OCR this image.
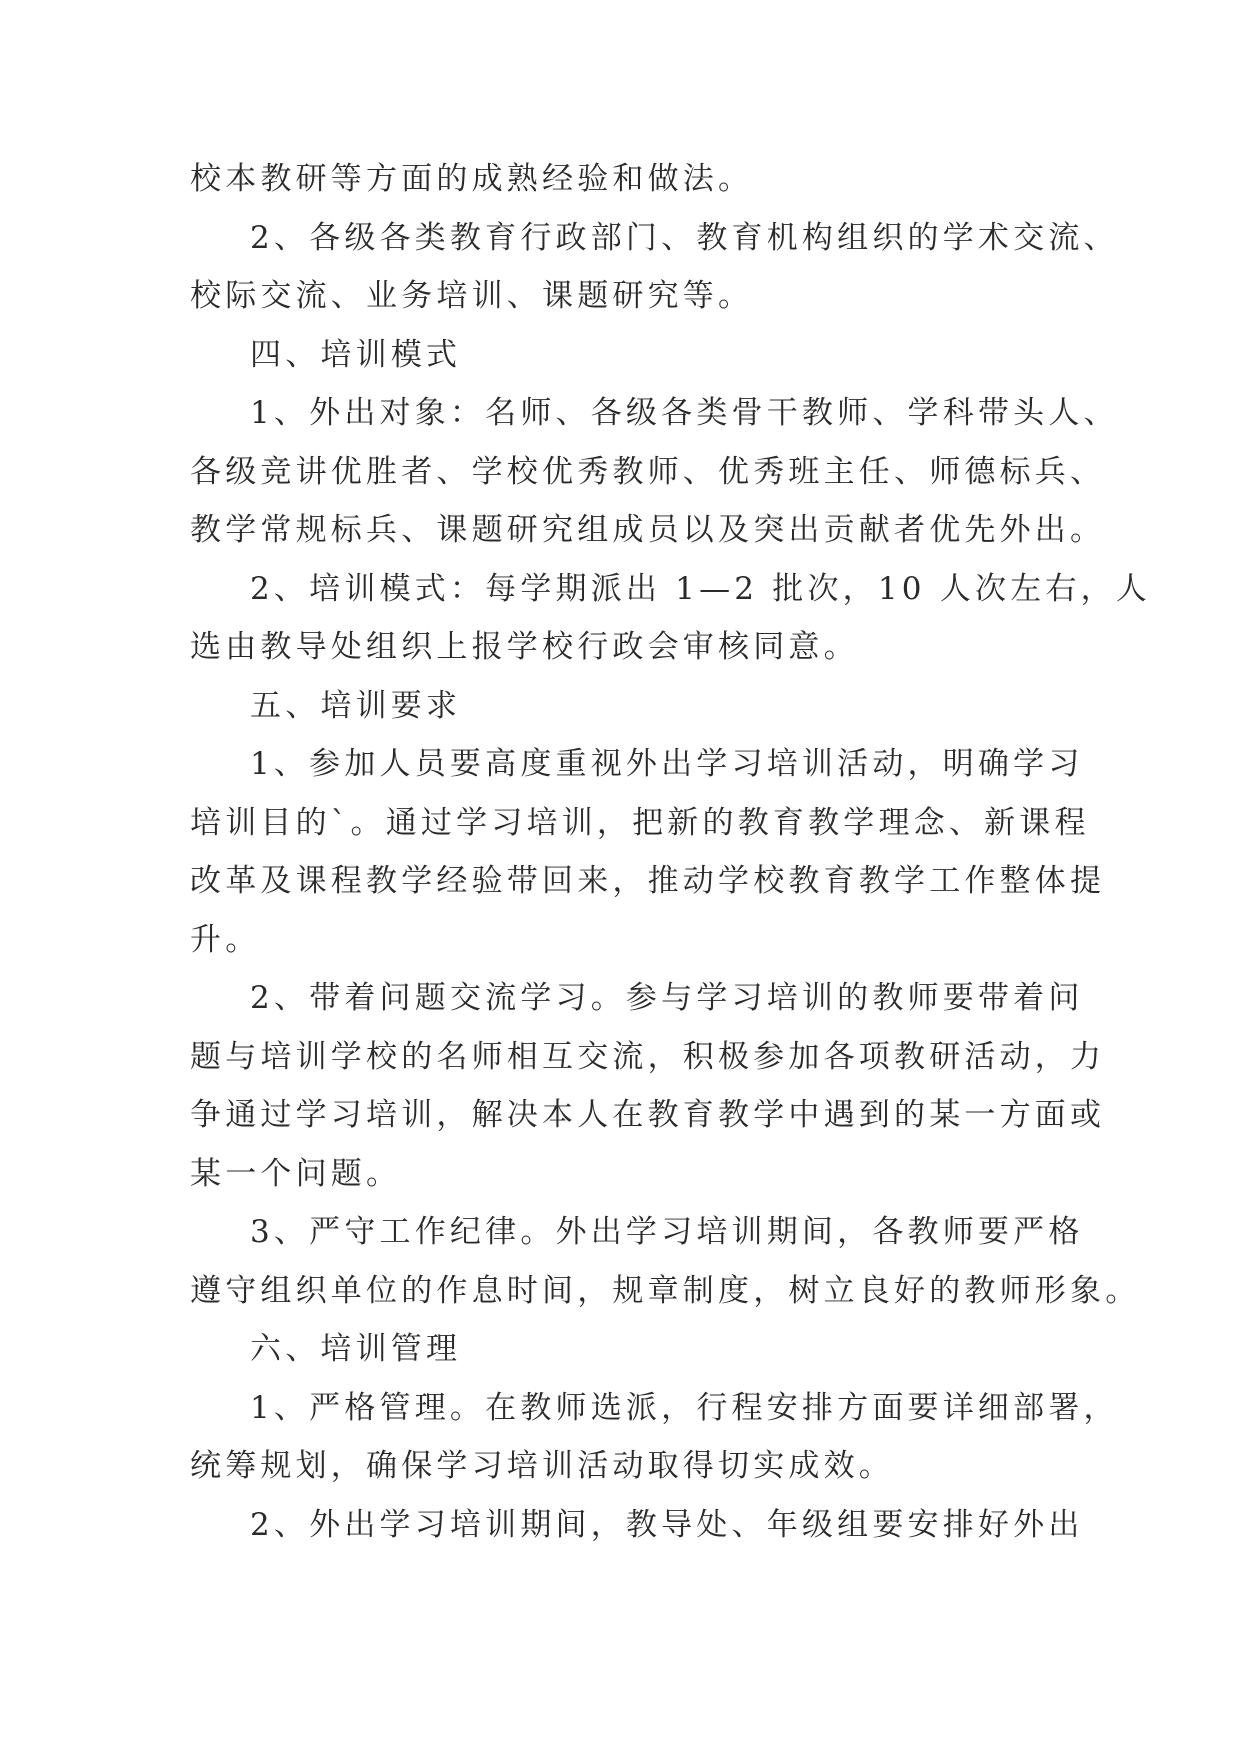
校本教研等方面的成熟经验和做法。
2、各级各类教育行政部门、教育机构组织的学术交流、
校际交流、业务培训、课题研究等。
四、培训模式
1、外出对象：名师、各级各类骨干教师、学科带头人、
各级竞讲优胜者、学校优秀教师、优秀班主任、师德标兵、
教学常规标兵、课题研究组成员以及突出贡献者优先外出。
2、培训模式：每学期派出 1—2 批次，10 人次左右，人
选由教导处组织上报学校行政会审核同意。
五、培训要求
1、参加人员要高度重视外出学习培训活动，明确学习
培训目的`。通过学习培训，把新的教育教学理念、新课程
改革及课程教学经验带回来，推动学校教育教学工作整体提
升。
2、带着问题交流学习。参与学习培训的教师要带着问
题与培训学校的名师相互交流，积极参加各项教研活动，力
争通过学习培训，解决本人在教育教学中遇到的某一方面或
某一个问题。
3、严守工作纪律。外出学习培训期间，各教师要严格
遵守组织单位的作息时间，规章制度，树立良好的教师形象。
六、培训管理
1、严格管理。在教师选派，行程安排方面要详细部署，
统筹规划，确保学习培训活动取得切实成效。
2、外出学习培训期间，教导处、年级组要安排好外出
